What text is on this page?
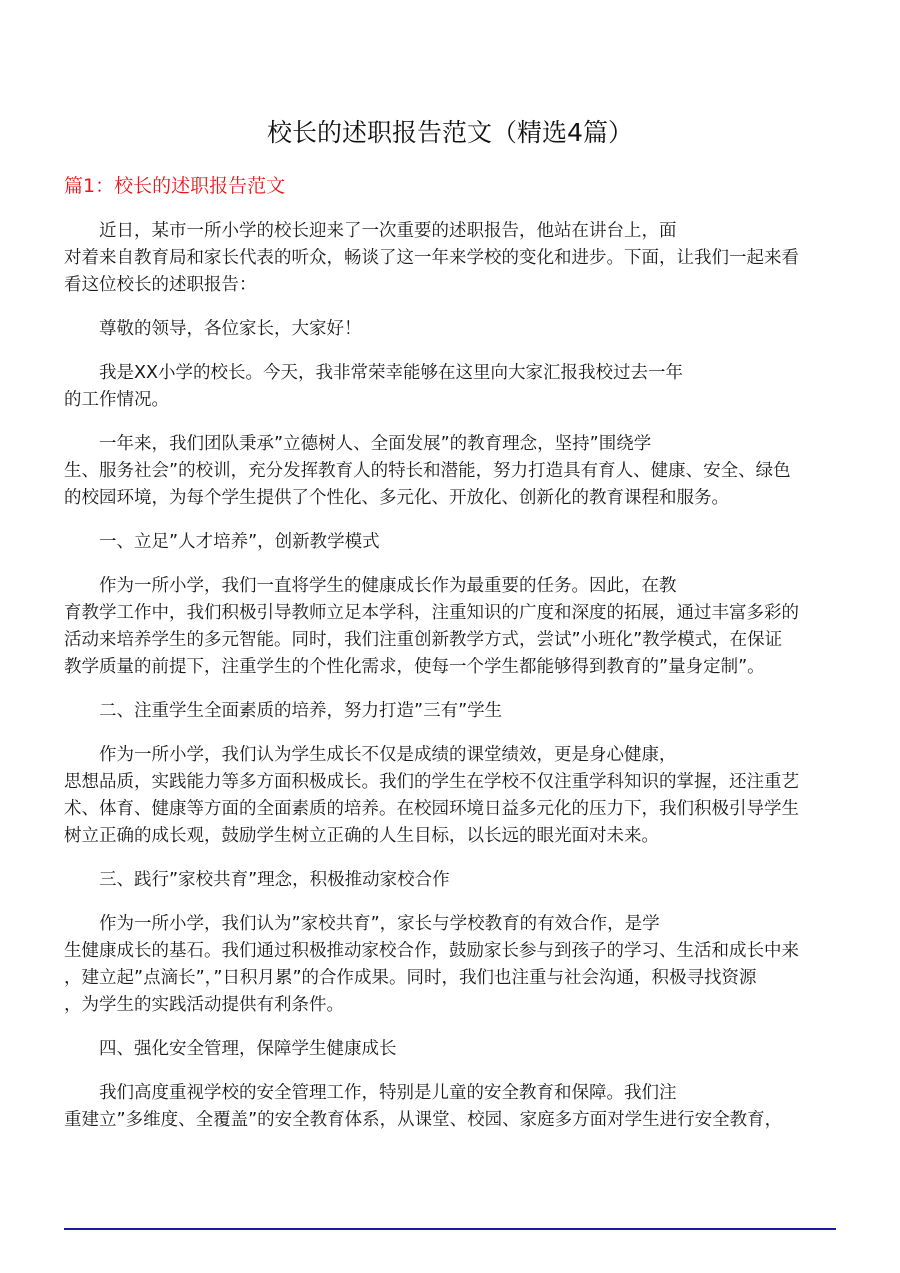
校长的述职报告范文（精选4篇）
篇1：校长的述职报告范文
近日，某市一所小学的校长迎来了一次重要的述职报告，他站在讲台上，面
对着来自教育局和家长代表的听众，畅谈了这一年来学校的变化和进步。下面，让我们一起来看
看这位校长的述职报告：
尊敬的领导，各位家长，大家好！
我是XX小学的校长。今天，我非常荣幸能够在这里向大家汇报我校过去一年
的工作情况。
一年来，我们团队秉承”立德树人、全面发展”的教育理念，坚持”围绕学
生、服务社会”的校训，充分发挥教育人的特长和潜能，努力打造具有育人、健康、安全、绿色
的校园环境，为每个学生提供了个性化、多元化、开放化、创新化的教育课程和服务。
一、立足”人才培养”，创新教学模式
作为一所小学，我们一直将学生的健康成长作为最重要的任务。因此，在教
育教学工作中，我们积极引导教师立足本学科，注重知识的广度和深度的拓展，通过丰富多彩的
活动来培养学生的多元智能。同时，我们注重创新教学方式，尝试”小班化”教学模式，在保证
教学质量的前提下，注重学生的个性化需求，使每一个学生都能够得到教育的”量身定制”。
二、注重学生全面素质的培养，努力打造”三有”学生
作为一所小学，我们认为学生成长不仅是成绩的课堂绩效，更是身心健康，
思想品质，实践能力等多方面积极成长。我们的学生在学校不仅注重学科知识的掌握，还注重艺
术、体育、健康等方面的全面素质的培养。在校园环境日益多元化的压力下，我们积极引导学生
树立正确的成长观，鼓励学生树立正确的人生目标，以长远的眼光面对未来。
三、践行”家校共育”理念，积极推动家校合作
作为一所小学，我们认为”家校共育”，家长与学校教育的有效合作，是学
生健康成长的基石。我们通过积极推动家校合作，鼓励家长参与到孩子的学习、生活和成长中来
，建立起”点滴长”，”日积月累”的合作成果。同时，我们也注重与社会沟通，积极寻找资源
，为学生的实践活动提供有利条件。
四、强化安全管理，保障学生健康成长
我们高度重视学校的安全管理工作，特别是儿童的安全教育和保障。我们注
重建立”多维度、全覆盖”的安全教育体系，从课堂、校园、家庭多方面对学生进行安全教育，
